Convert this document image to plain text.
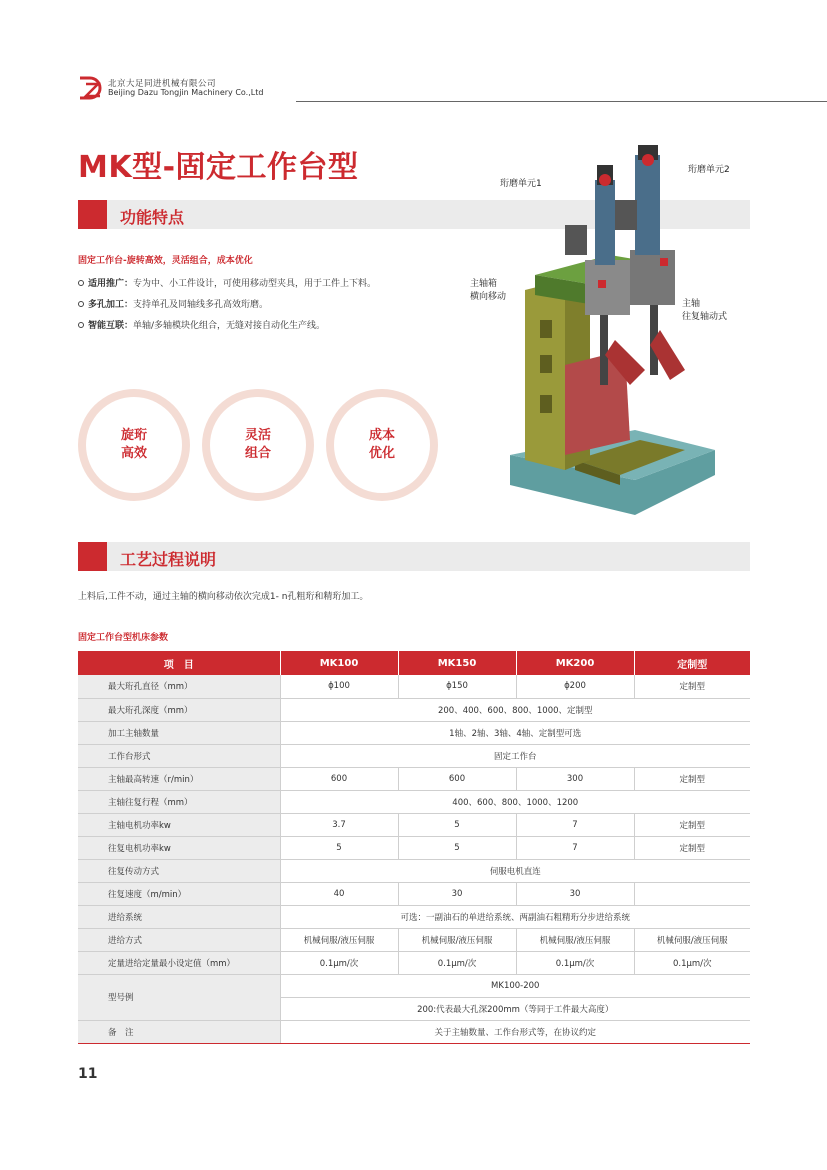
北京大足同进机械有限公司
Beijing Dazu Tongjin Machinery Co.,Ltd
MK型-固定工作台型
功能特点
固定工作台-旋转高效，灵活组合，成本优化
适用推广：专为中、小工件设计，可使用移动型夹具，用于工件上下料。
多孔加工：支持单孔及同轴线多孔高效珩磨。
智能互联：单轴/多轴模块化组合，无缝对接自动化生产线。
旋珩
高效
灵活
组合
成本
优化
珩磨单元1
珩磨单元2
主轴箱
横向移动
主轴
往复轴动式
工艺过程说明
上料后,工件不动，通过主轴的横向移动依次完成1- n孔粗珩和精珩加工。
固定工作台型机床参数
项　目	MK100	MK150	MK200	定制型
最大珩孔直径（mm）	ϕ100	ϕ150	ϕ200	定制型
最大珩孔深度（mm）	200、400、600、800、1000、定制型			
加工主轴数量	1轴、2轴、3轴、4轴、定制型可选			
工作台形式	固定工作台			
主轴最高转速（r/min）	600	600	300	定制型
主轴往复行程（mm）	400、600、800、1000、1200			
主轴电机功率kw	3.7	5	7	定制型
往复电机功率kw	5	5	7	定制型
往复传动方式	伺服电机直连			
往复速度（m/min）	40	30	30	
进给系统	可选：一副油石的单进给系统、两副油石粗精珩分步进给系统			
进给方式	机械伺服/液压伺服	机械伺服/液压伺服	机械伺服/液压伺服	机械伺服/液压伺服
定量进给定量最小设定值（mm）	0.1μm/次	0.1μm/次	0.1μm/次	0.1μm/次
型号例	MK100-200			
	200:代表最大孔深200mm（等同于工件最大高度）			
备　注	关于主轴数量、工作台形式等，在协议约定			
11
